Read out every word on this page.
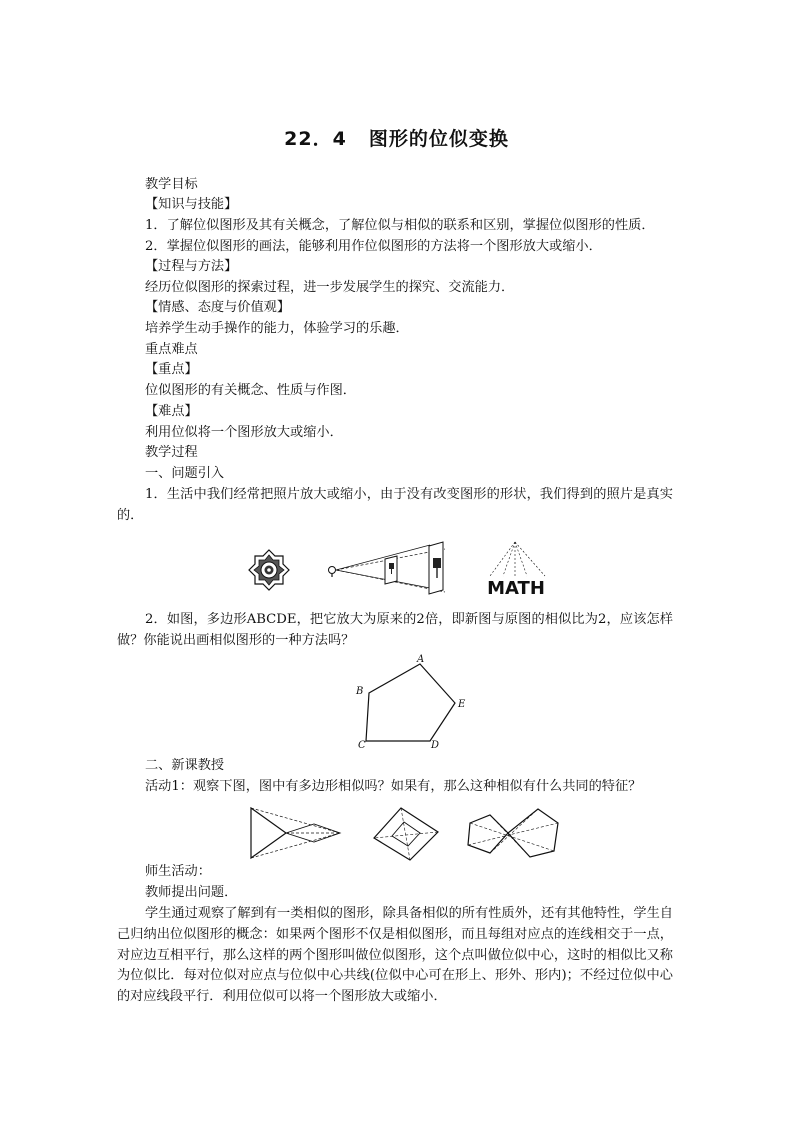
22．4 图形的位似变换
教学目标
【知识与技能】
1．了解位似图形及其有关概念，了解位似与相似的联系和区别，掌握位似图形的性质．
2．掌握位似图形的画法，能够利用作位似图形的方法将一个图形放大或缩小．
【过程与方法】
经历位似图形的探索过程，进一步发展学生的探究、交流能力．
【情感、态度与价值观】
培养学生动手操作的能力，体验学习的乐趣．
重点难点
【重点】
位似图形的有关概念、性质与作图．
【难点】
利用位似将一个图形放大或缩小．
教学过程
一、问题引入
1．生活中我们经常把照片放大或缩小，由于没有改变图形的形状，我们得到的照片是真实的．
MATH
2．如图，多边形ABCDE，把它放大为原来的2倍，即新图与原图的相似比为2，应该怎样做？你能说出画相似图形的一种方法吗？
A
B
C	D
E
二、新课教授
活动1：观察下图，图中有多边形相似吗？如果有，那么这种相似有什么共同的特征？
师生活动：
教师提出问题．
学生通过观察了解到有一类相似的图形，除具备相似的所有性质外，还有其他特性，学生自己归纳出位似图形的概念：如果两个图形不仅是相似图形，而且每组对应点的连线相交于一点，对应边互相平行，那么这样的两个图形叫做位似图形，这个点叫做位似中心，这时的相似比又称为位似比．每对位似对应点与位似中心共线(位似中心可在形上、形外、形内)；不经过位似中心的对应线段平行．利用位似可以将一个图形放大或缩小．
